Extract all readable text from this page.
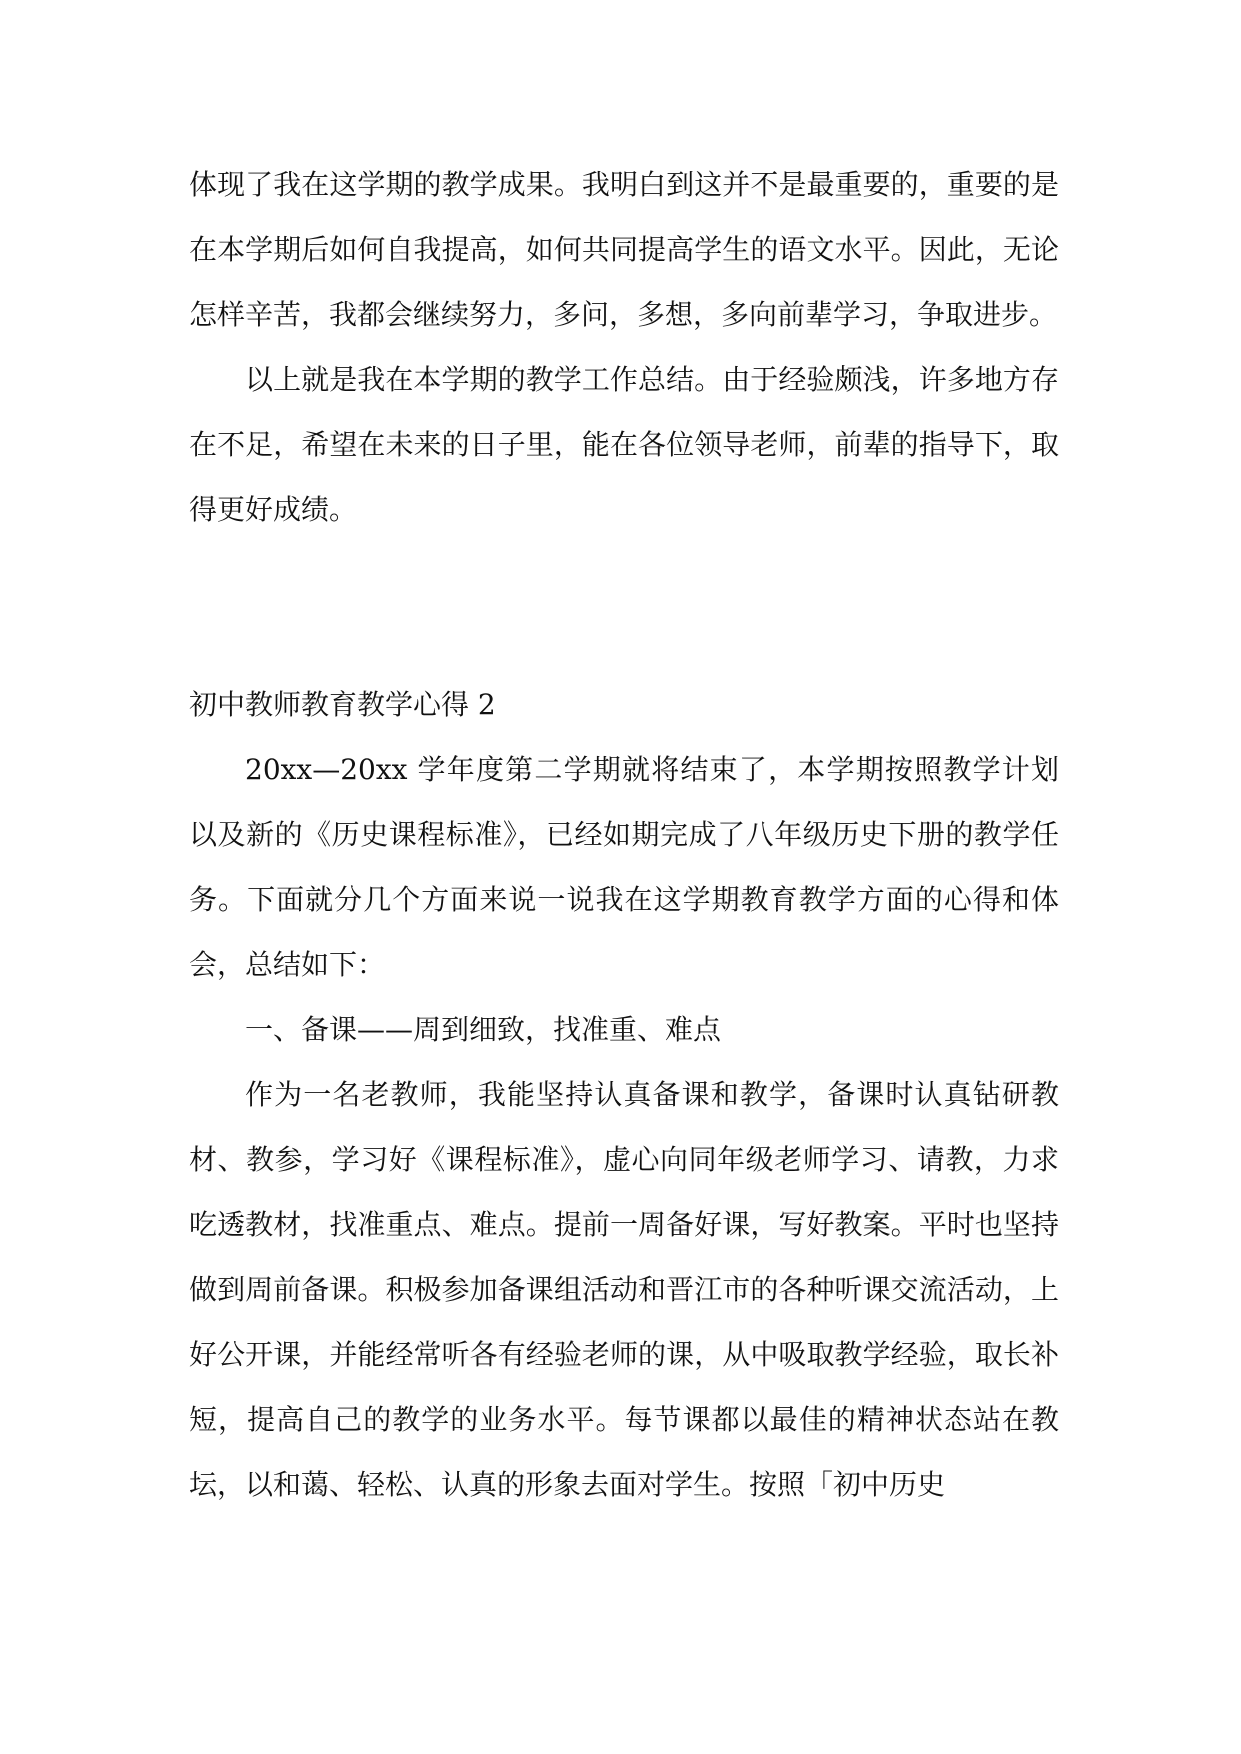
体现了我在这学期的教学成果。我明白到这并不是最重要的，重要的是在本学期后如何自我提高，如何共同提高学生的语文水平。因此，无论怎样辛苦，我都会继续努力，多问，多想，多向前辈学习，争取进步。

以上就是我在本学期的教学工作总结。由于经验颇浅，许多地方存在不足，希望在未来的日子里，能在各位领导老师，前辈的指导下，取得更好成绩。

初中教师教育教学心得 2

20xx—20xx 学年度第二学期就将结束了，本学期按照教学计划以及新的《历史课程标准》，已经如期完成了八年级历史下册的教学任务。下面就分几个方面来说一说我在这学期教育教学方面的心得和体会，总结如下：

一、备课——周到细致，找准重、难点

作为一名老教师，我能坚持认真备课和教学，备课时认真钻研教材、教参，学习好《课程标准》，虚心向同年级老师学习、请教，力求吃透教材，找准重点、难点。提前一周备好课，写好教案。平时也坚持做到周前备课。积极参加备课组活动和晋江市的各种听课交流活动，上好公开课，并能经常听各有经验老师的课，从中吸取教学经验，取长补短，提高自己的教学的业务水平。每节课都以最佳的精神状态站在教坛，以和蔼、轻松、认真的形象去面对学生。按照「初中历史
